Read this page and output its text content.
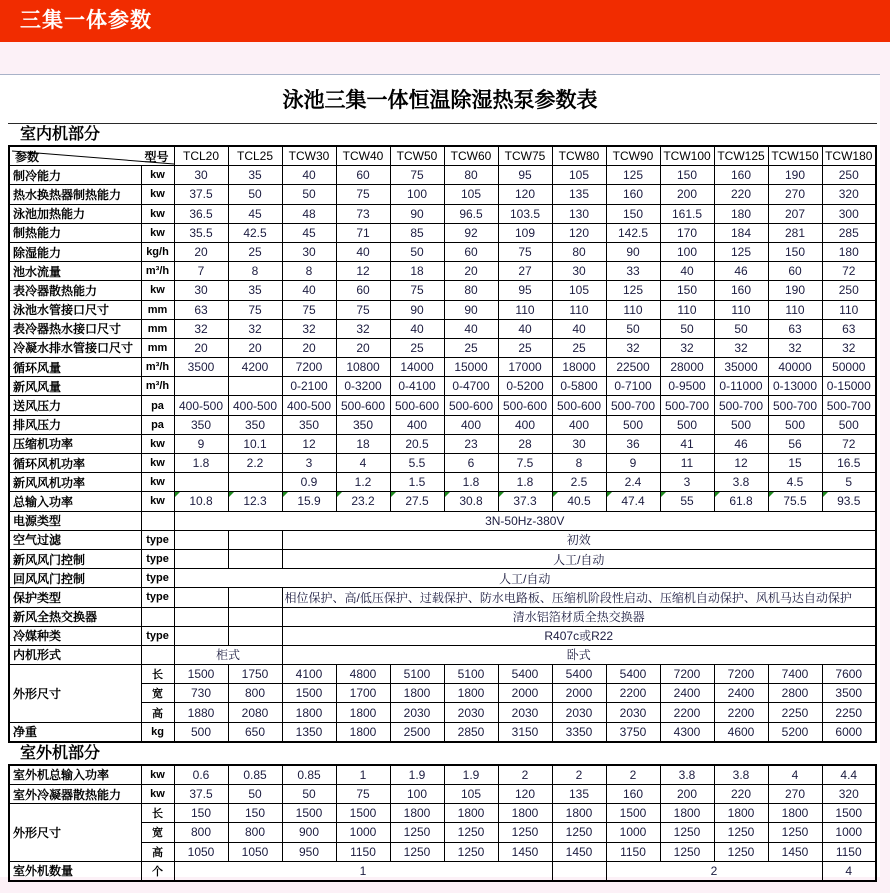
三集一体参数
泳池三集一体恒温除湿热泵参数表
室内机部分
参数 型号		TCL20	TCL25	TCW30	TCW40	TCW50	TCW60	TCW75	TCW80	TCW90	TCW100	TCW125	TCW150	TCW180
制冷能力	kw	30	35	40	60	75	80	95	105	125	150	160	190	250
热水换热器制热能力	kw	37.5	50	50	75	100	105	120	135	160	200	220	270	320
泳池加热能力	kw	36.5	45	48	73	90	96.5	103.5	130	150	161.5	180	207	300
制热能力	kw	35.5	42.5	45	71	85	92	109	120	142.5	170	184	281	285
除湿能力	kg/h	20	25	30	40	50	60	75	80	90	100	125	150	180
池水流量	m³/h	7	8	8	12	18	20	27	30	33	40	46	60	72
表冷器散热能力	kw	30	35	40	60	75	80	95	105	125	150	160	190	250
泳池水管接口尺寸	mm	63	75	75	75	90	90	110	110	110	110	110	110	110
表冷器热水接口尺寸	mm	32	32	32	32	40	40	40	40	50	50	50	63	63
冷凝水排水管接口尺寸	mm	20	20	20	20	25	25	25	25	32	32	32	32	32
循环风量	m³/h	3500	4200	7200	10800	14000	15000	17000	18000	22500	28000	35000	40000	50000
新风风量	m³/h			0-2100	0-3200	0-4100	0-4700	0-5200	0-5800	0-7100	0-9500	0-11000	0-13000	0-15000
送风压力	pa	400-500	400-500	400-500	500-600	500-600	500-600	500-600	500-600	500-700	500-700	500-700	500-700	500-700
排风压力	pa	350	350	350	350	400	400	400	400	500	500	500	500	500
压缩机功率	kw	9	10.1	12	18	20.5	23	28	30	36	41	46	56	72
循环风机功率	kw	1.8	2.2	3	4	5.5	6	7.5	8	9	11	12	15	16.5
新风风机功率	kw			0.9	1.2	1.5	1.8	1.8	2.5	2.4	3	3.8	4.5	5
总输入功率	kw	10.8	12.3	15.9	23.2	27.5	30.8	37.3	40.5	47.4	55	61.8	75.5	93.5
电源类型		3N-50Hz-380V												
空气过滤	type			初效										
新风风门控制	type			人工/自动										
回风风门控制	type	人工/自动												
保护类型	type			相位保护、高/低压保护、过载保护、防水电路板、压缩机阶段性启动、压缩机自动保护、风机马达自动保护										
新风全热交换器				清水铝箔材质全热交换器										
冷媒种类	type			R407c或R22										
内机形式		柜式		卧式										
外形尺寸	长	1500	1750	4100	4800	5100	5100	5400	5400	5400	7200	7200	7400	7600
	宽	730	800	1500	1700	1800	1800	2000	2000	2200	2400	2400	2800	3500
	高	1880	2080	1800	1800	2030	2030	2030	2030	2030	2200	2200	2250	2250
净重	kg	500	650	1350	1800	2500	2850	3150	3350	3750	4300	4600	5200	6000
室外机部分
室外机总输入功率	kw	0.6	0.85	0.85	1	1.9	1.9	2	2	2	3.8	3.8	4	4.4
室外冷凝器散热能力	kw	37.5	50	50	75	100	105	120	135	160	200	220	270	320
外形尺寸	长	150	150	1500	1500	1800	1800	1800	1800	1500	1800	1800	1800	1500
	宽	800	800	900	1000	1250	1250	1250	1250	1000	1250	1250	1250	1000
	高	1050	1050	950	1150	1250	1250	1450	1450	1150	1250	1250	1450	1150
室外机数量	个	1								2				4
